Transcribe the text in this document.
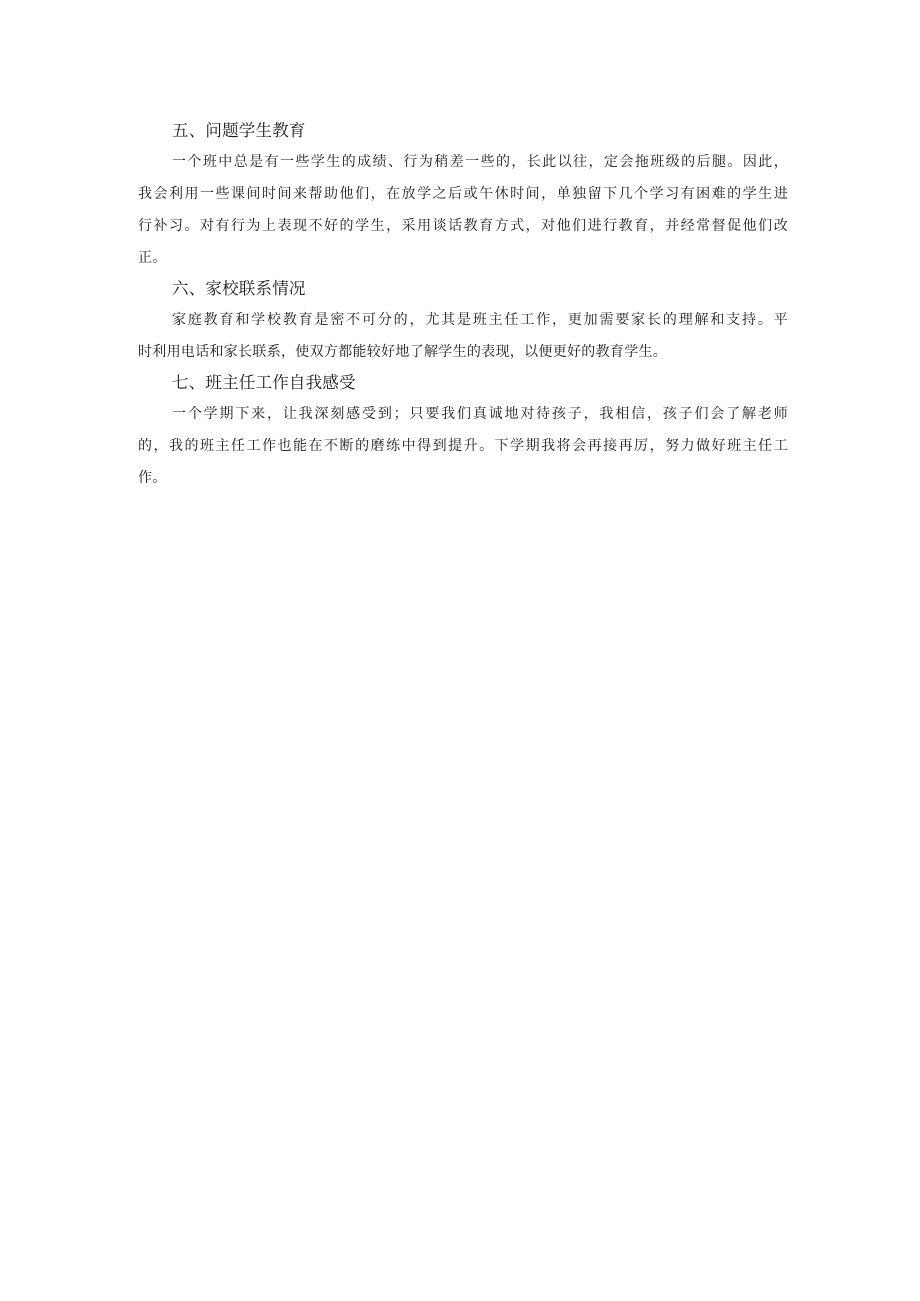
五、问题学生教育
一个班中总是有一些学生的成绩、行为稍差一些的，长此以往，定会拖班级的后腿。因此，
我会利用一些课间时间来帮助他们，在放学之后或午休时间，单独留下几个学习有困难的学生进
行补习。对有行为上表现不好的学生，采用谈话教育方式，对他们进行教育，并经常督促他们改
正。
六、家校联系情况
家庭教育和学校教育是密不可分的，尤其是班主任工作，更加需要家长的理解和支持。平
时利用电话和家长联系，使双方都能较好地了解学生的表现，以便更好的教育学生。
七、班主任工作自我感受
一个学期下来，让我深刻感受到；只要我们真诚地对待孩子，我相信，孩子们会了解老师
的，我的班主任工作也能在不断的磨练中得到提升。下学期我将会再接再厉，努力做好班主任工
作。
